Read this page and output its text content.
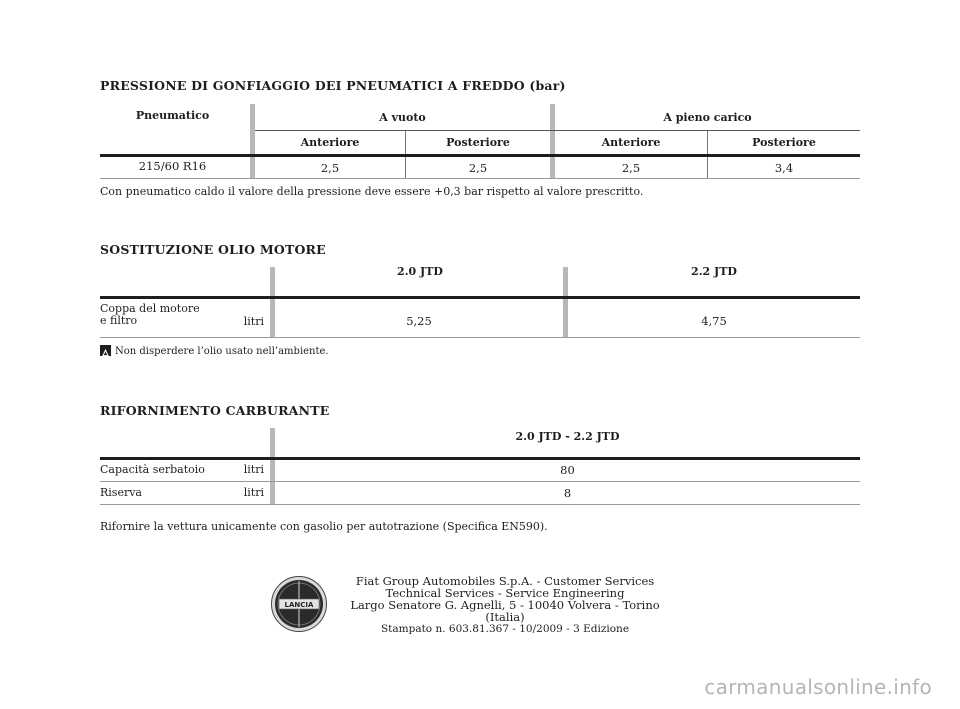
PRESSIONE DI GONFIAGGIO DEI PNEUMATICI A FREDDO (bar)
Pneumatico	A vuoto	A pieno carico
Anteriore	Posteriore	Anteriore	Posteriore
215/60 R16	2,5	2,5	2,5	3,4
Con pneumatico caldo il valore della pressione deve essere +0,3 bar rispetto al valore prescritto.
SOSTITUZIONE OLIO MOTORE
2.0 JTD	2.2 JTD
Coppa del motore
e filtro	litri	5,25	4,75
Non disperdere l’olio usato nell’ambiente.
RIFORNIMENTO CARBURANTE
2.0 JTD - 2.2 JTD
Capacità serbatoio	litri	80
Riserva	litri	8
Rifornire la vettura unicamente con gasolio per autotrazione (Specifica EN590).
LANCIA
Fiat Group Automobiles S.p.A. - Customer Services
Technical Services - Service Engineering
Largo Senatore G. Agnelli, 5 - 10040 Volvera - Torino (Italia)
Stampato n. 603.81.367 - 10/2009 - 3 Edizione
carmanualsonline.info
